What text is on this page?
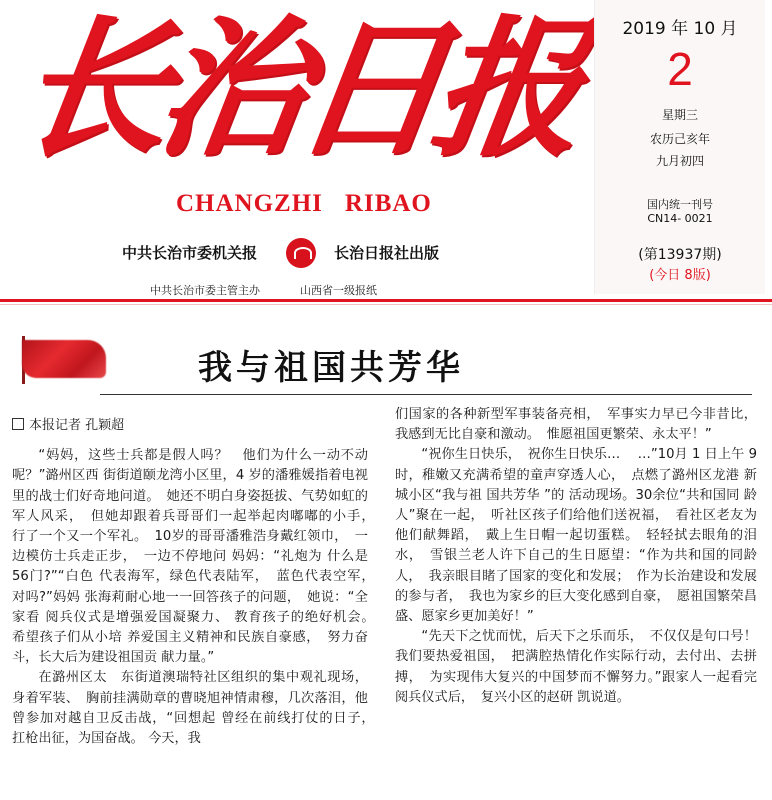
长治日报
CHANGZHI RIBAO
中共长治市委机关报	长治日报社出版
中共长治市委主管主办	山西省一级报纸
2019 年 10 月
2
星期三
农历己亥年
九月初四
国内统一刊号
CN14- 0021
(第13937期)
(今日 8版)
我与祖国共芳华

本报记者 孔颖超

“妈妈，这些士兵都是假人吗？　他们为什么一动不动呢？”潞州区西 街街道颐龙湾小区里，4 岁的潘雅媛指着电视里的战士们好奇地问道。　她还不明白身姿挺拔、气势如虹的军人风采，　但她却跟着兵哥哥们一起举起肉嘟嘟的小手，　行了一个又一个军礼。　10岁的哥哥潘雅浩身戴红领巾，　一边模仿士兵走正步，　一边不停地问 妈妈：“礼炮为 什么是 56门?”“白色 代表海军，绿色代表陆军，　蓝色代表空军，　对吗?”妈妈 张海莉耐心地一一回答孩子的问题，　她说：“全家看 阅兵仪式是增强爱国凝聚力、 教育孩子的绝好机会。　希望孩子们从小培 养爱国主义精神和民族自豪感，　努力奋斗，长大后为建设祖国贡 献力量。”

在潞州区太　东街道澳瑞特社区组织的集中观礼现场，身着军装、　胸前挂满勋章的曹晓旭神情肃穆，几次落泪，他曾参加对越自卫反击战，“回想起 曾经在前线打仗的日子，　扛枪出征，为国奋战。 今天，我

们国家的各种新型军事装备亮相，　军事实力早已今非昔比，我感到无比自豪和激动。　惟愿祖国更繁荣、永太平！”

“祝你生日快乐，　祝你生日快乐… 　…”10月 1 日上午 9时，稚嫩又充满希望的童声穿透人心，　点燃了潞州区龙港 新城小区“我与祖 国共芳华 ”的 活动现场。30余位“共和国同 龄人”聚在一起，　听社区孩子们给他们送祝福，　看社区老友为他们献舞蹈，　戴上生日帽一起切蛋糕。　轻轻拭去眼角的泪水，　雪银兰老人许下自己的生日愿望：“作为共和国的同龄人，　我亲眼目睹了国家的变化和发展；　作为长治建设和发展的参与者，　我也为家乡的巨大变化感到自豪，　愿祖国繁荣昌盛、愿家乡更加美好！”

“先天下之忧而忧，后天下之乐而乐，　不仅仅是句口号！我们要热爱祖国，　把满腔热情化作实际行动，去付出、去拼搏，　为实现伟大复兴的中国梦而不懈努力。”跟家人一起看完阅兵仪式后，　复兴小区的赵研 凯说道。
